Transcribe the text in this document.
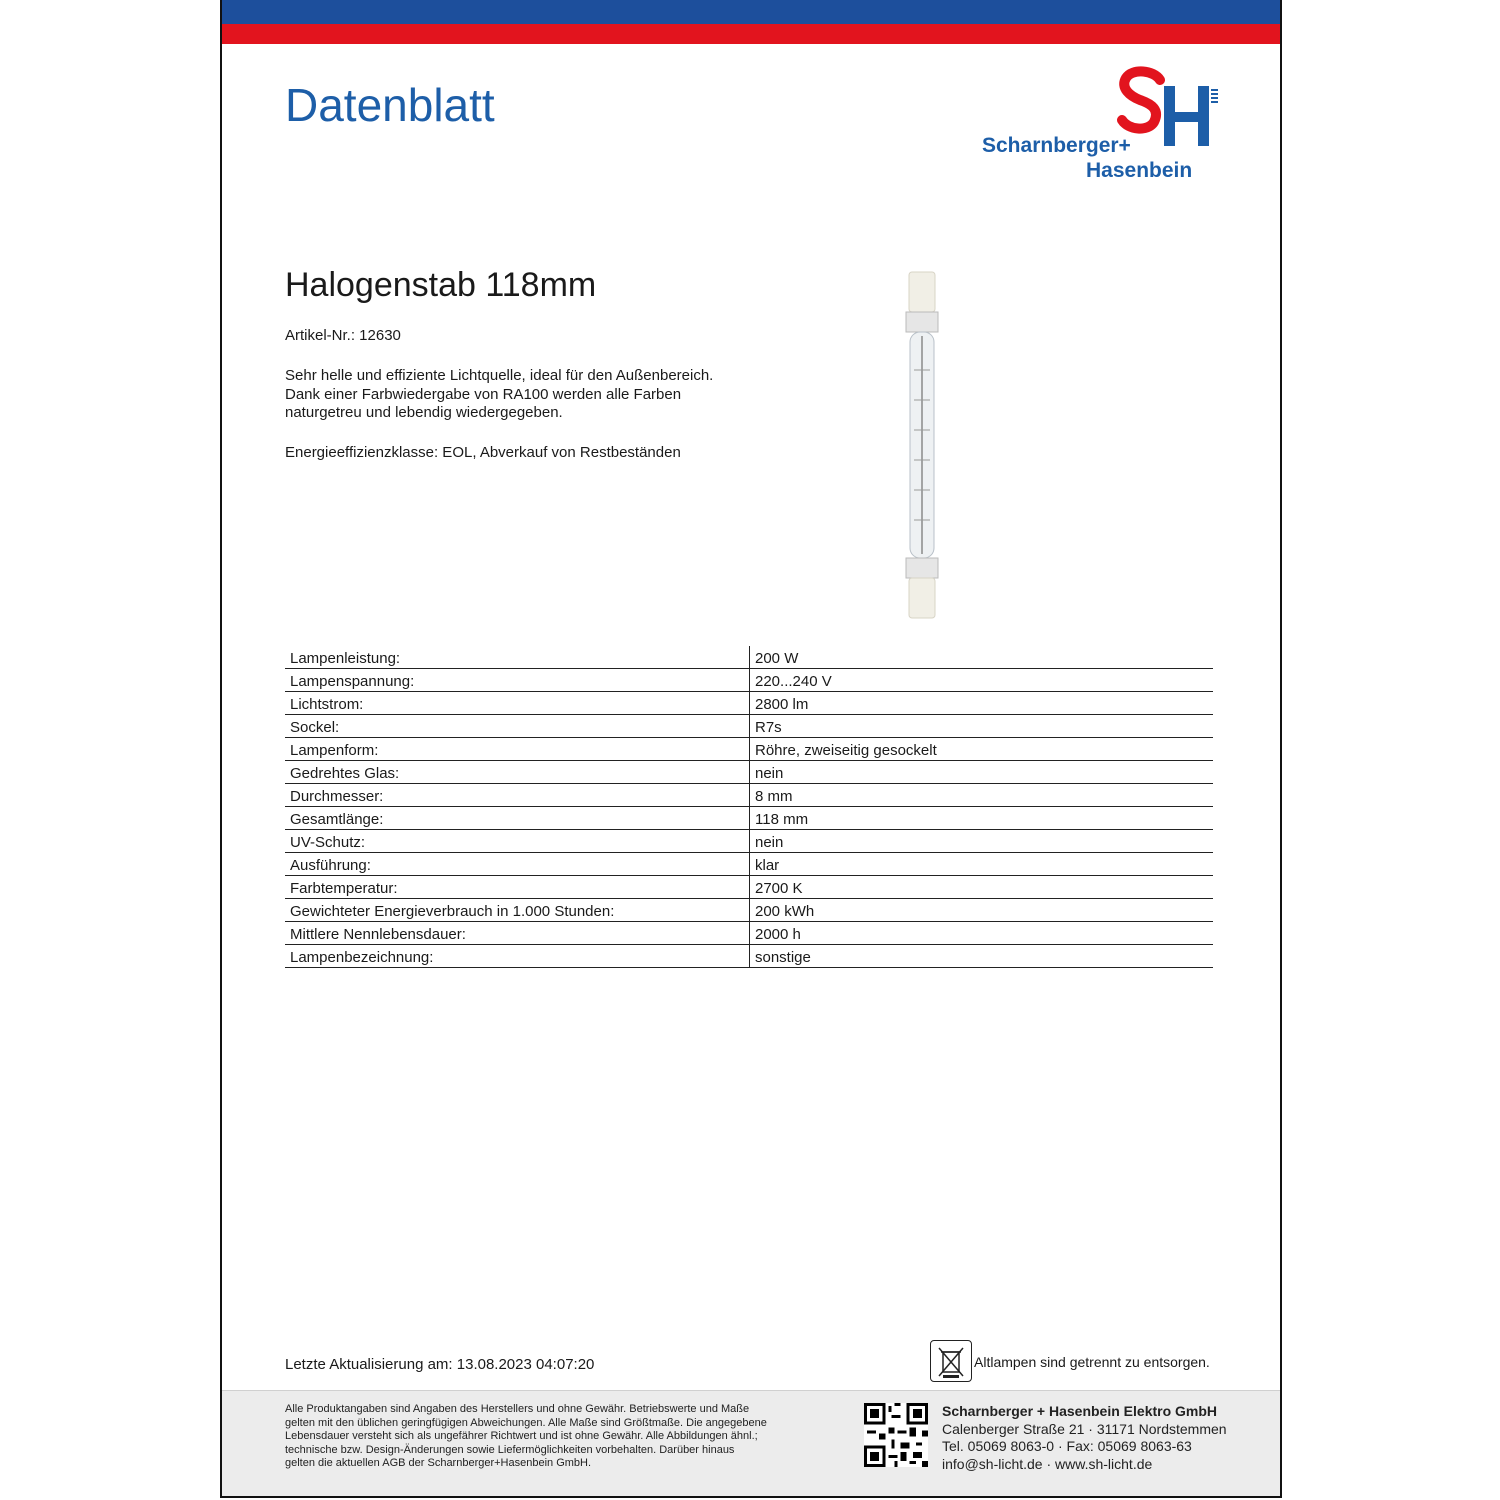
Datenblatt
Scharnberger+
Hasenbein
Halogenstab 118mm
Artikel-Nr.: 12630
Sehr helle und effiziente Lichtquelle, ideal für den Außenbereich.
Dank einer Farbwiedergabe von RA100 werden alle Farben
naturgetreu und lebendig wiedergegeben.
Energieeffizienzklasse: EOL, Abverkauf von Restbeständen
Lampenleistung:	200 W
Lampenspannung:	220...240 V
Lichtstrom:	2800 lm
Sockel:	R7s
Lampenform:	Röhre, zweiseitig gesockelt
Gedrehtes Glas:	nein
Durchmesser:	8 mm
Gesamtlänge:	118 mm
UV-Schutz:	nein
Ausführung:	klar
Farbtemperatur:	2700 K
Gewichteter Energieverbrauch in 1.000 Stunden:	200 kWh
Mittlere Nennlebensdauer:	2000 h
Lampenbezeichnung:	sonstige
Letzte Aktualisierung am: 13.08.2023 04:07:20	Altlampen sind getrennt zu entsorgen.
Alle Produktangaben sind Angaben des Herstellers und ohne Gewähr. Betriebswerte und Maße
gelten mit den üblichen geringfügigen Abweichungen. Alle Maße sind Größtmaße. Die angegebene
Lebensdauer versteht sich als ungefährer Richtwert und ist ohne Gewähr. Alle Abbildungen ähnl.;
technische bzw. Design-Änderungen sowie Liefermöglichkeiten vorbehalten. Darüber hinaus
gelten die aktuellen AGB der Scharnberger+Hasenbein GmbH.
Scharnberger + Hasenbein Elektro GmbH
Calenberger Straße 21 · 31171 Nordstemmen
Tel. 05069 8063-0 · Fax: 05069 8063-63
info@sh-licht.de · www.sh-licht.de
